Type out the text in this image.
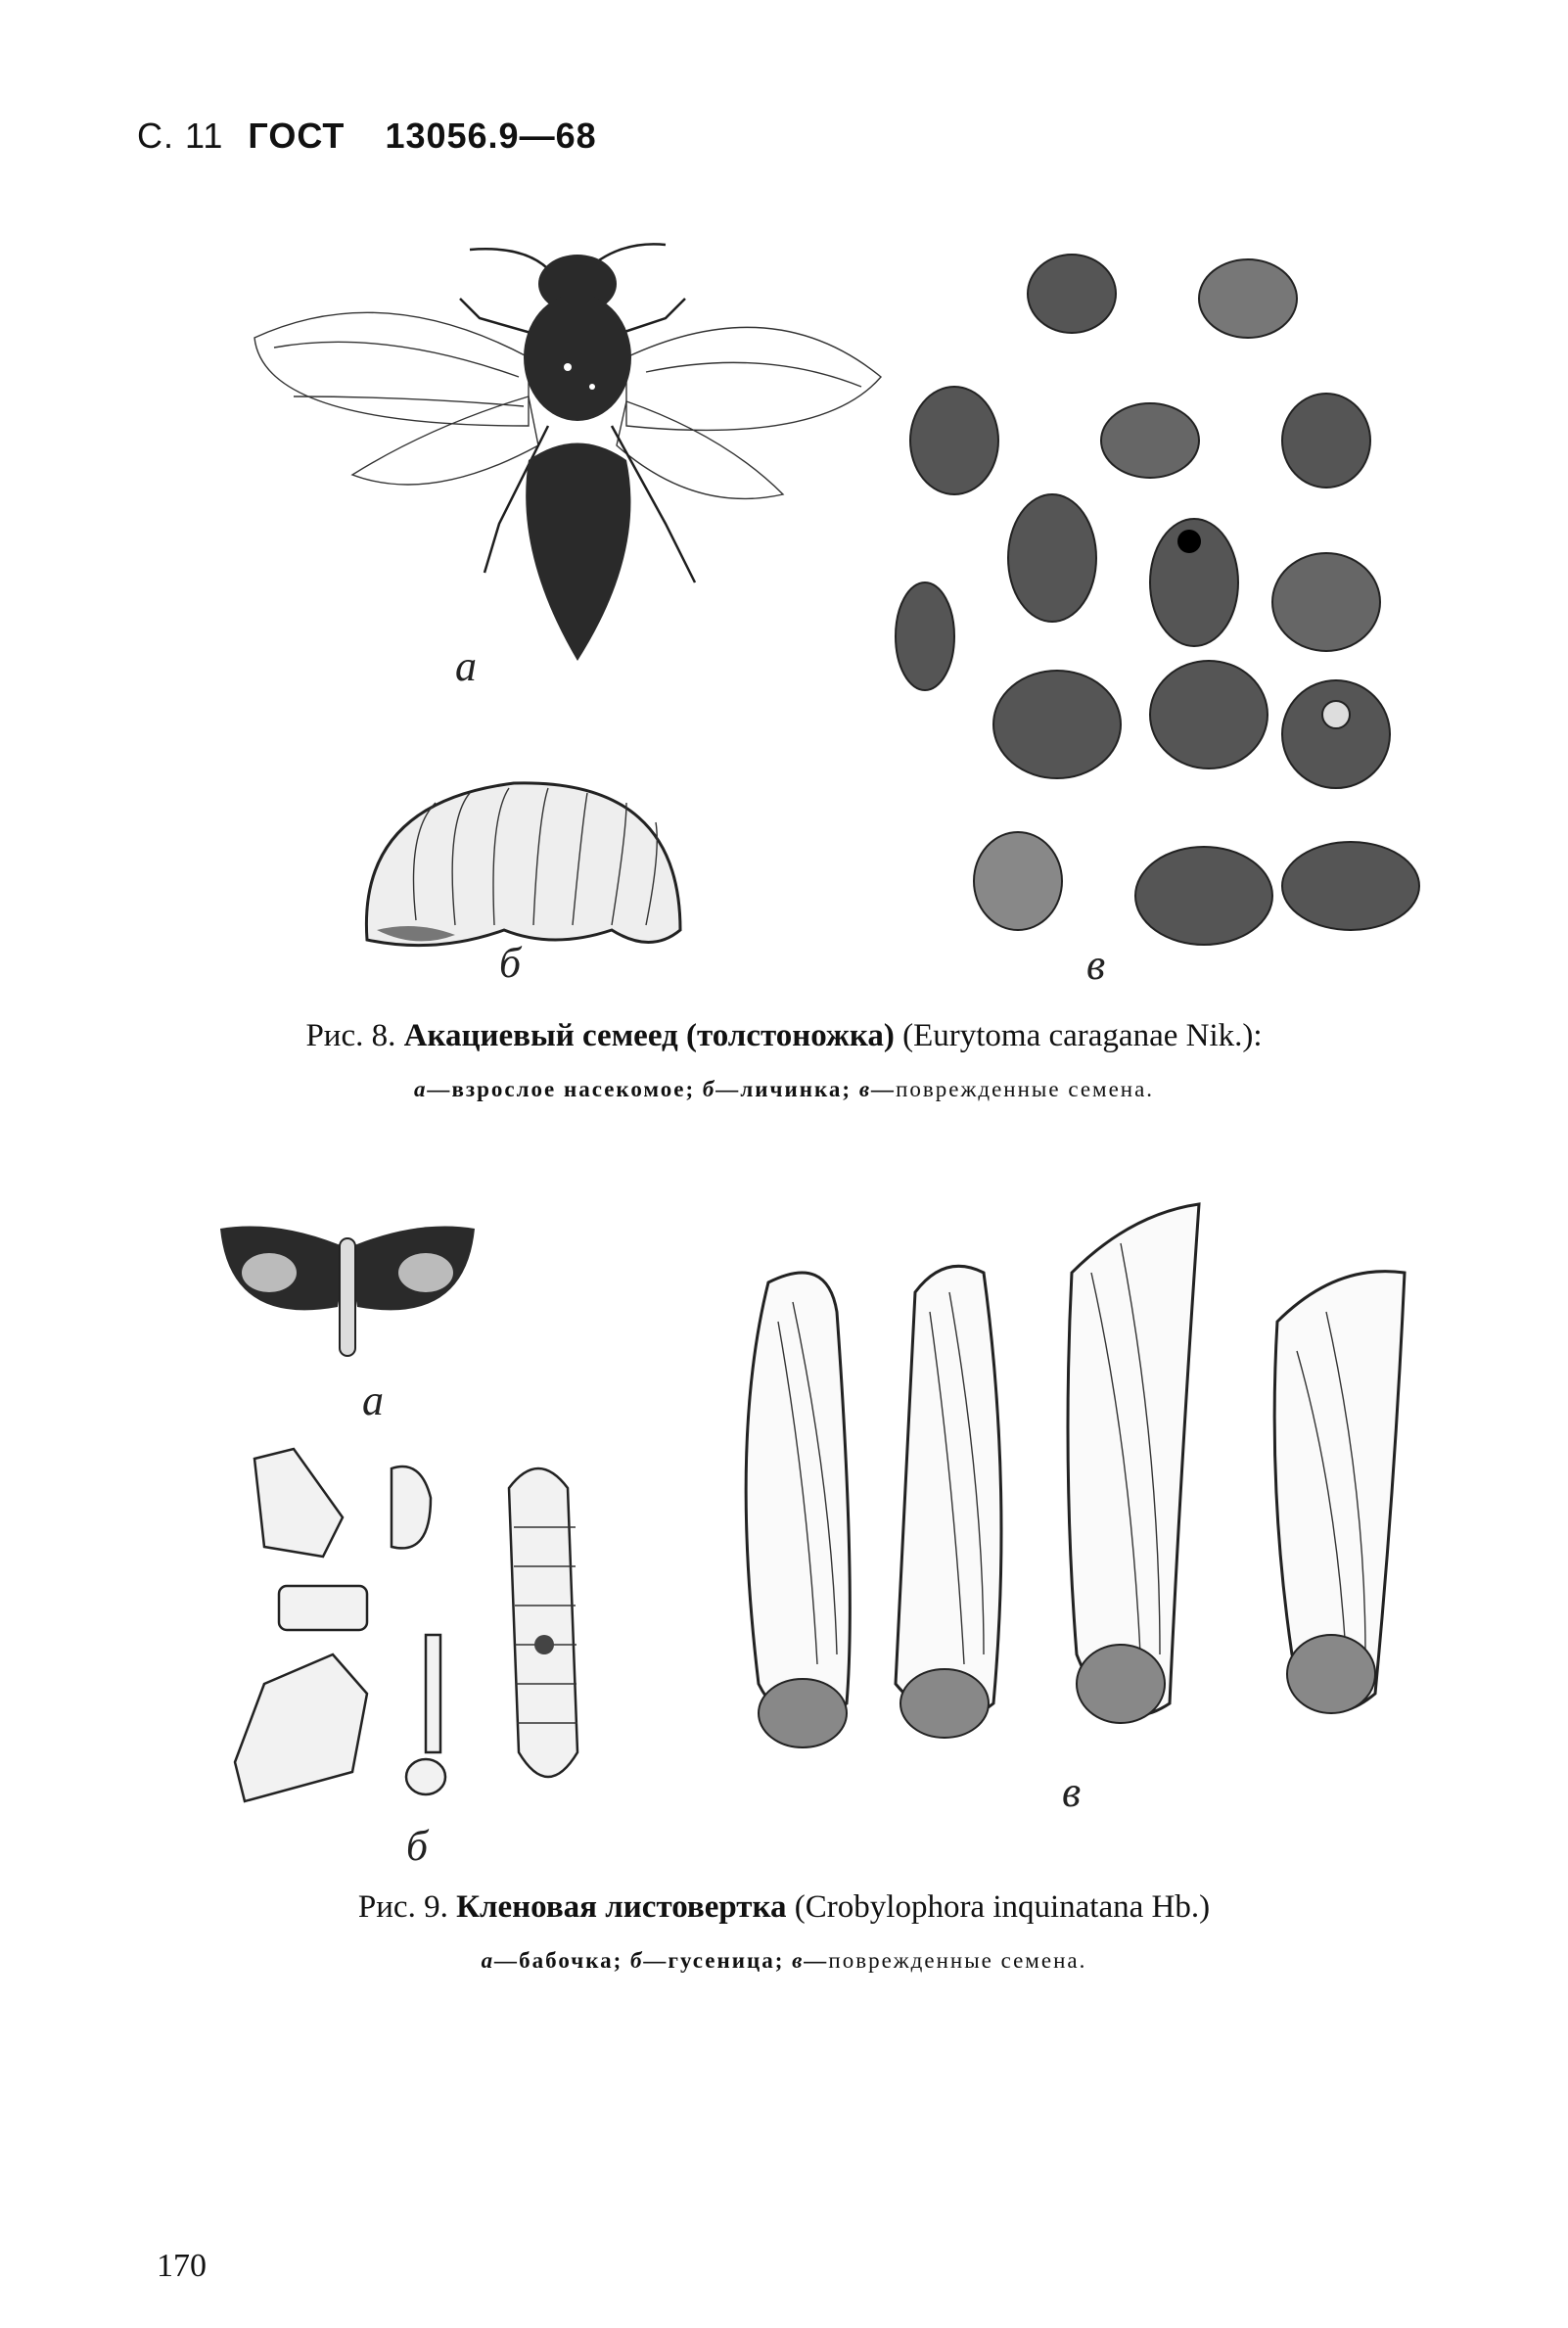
С. 11 ГОСТ 13056.9—68
а
б	в
Рис. 8. Акациевый семеед (толстоножка) (Eurytoma caraganae Nik.):
а—взрослое насекомое; б—личинка; в—поврежденные семена.
а
б
в
Рис. 9. Кленовая листовертка (Crobylophora inquinatana Hb.)
а—бабочка; б—гусеница; в—поврежденные семена.
170
